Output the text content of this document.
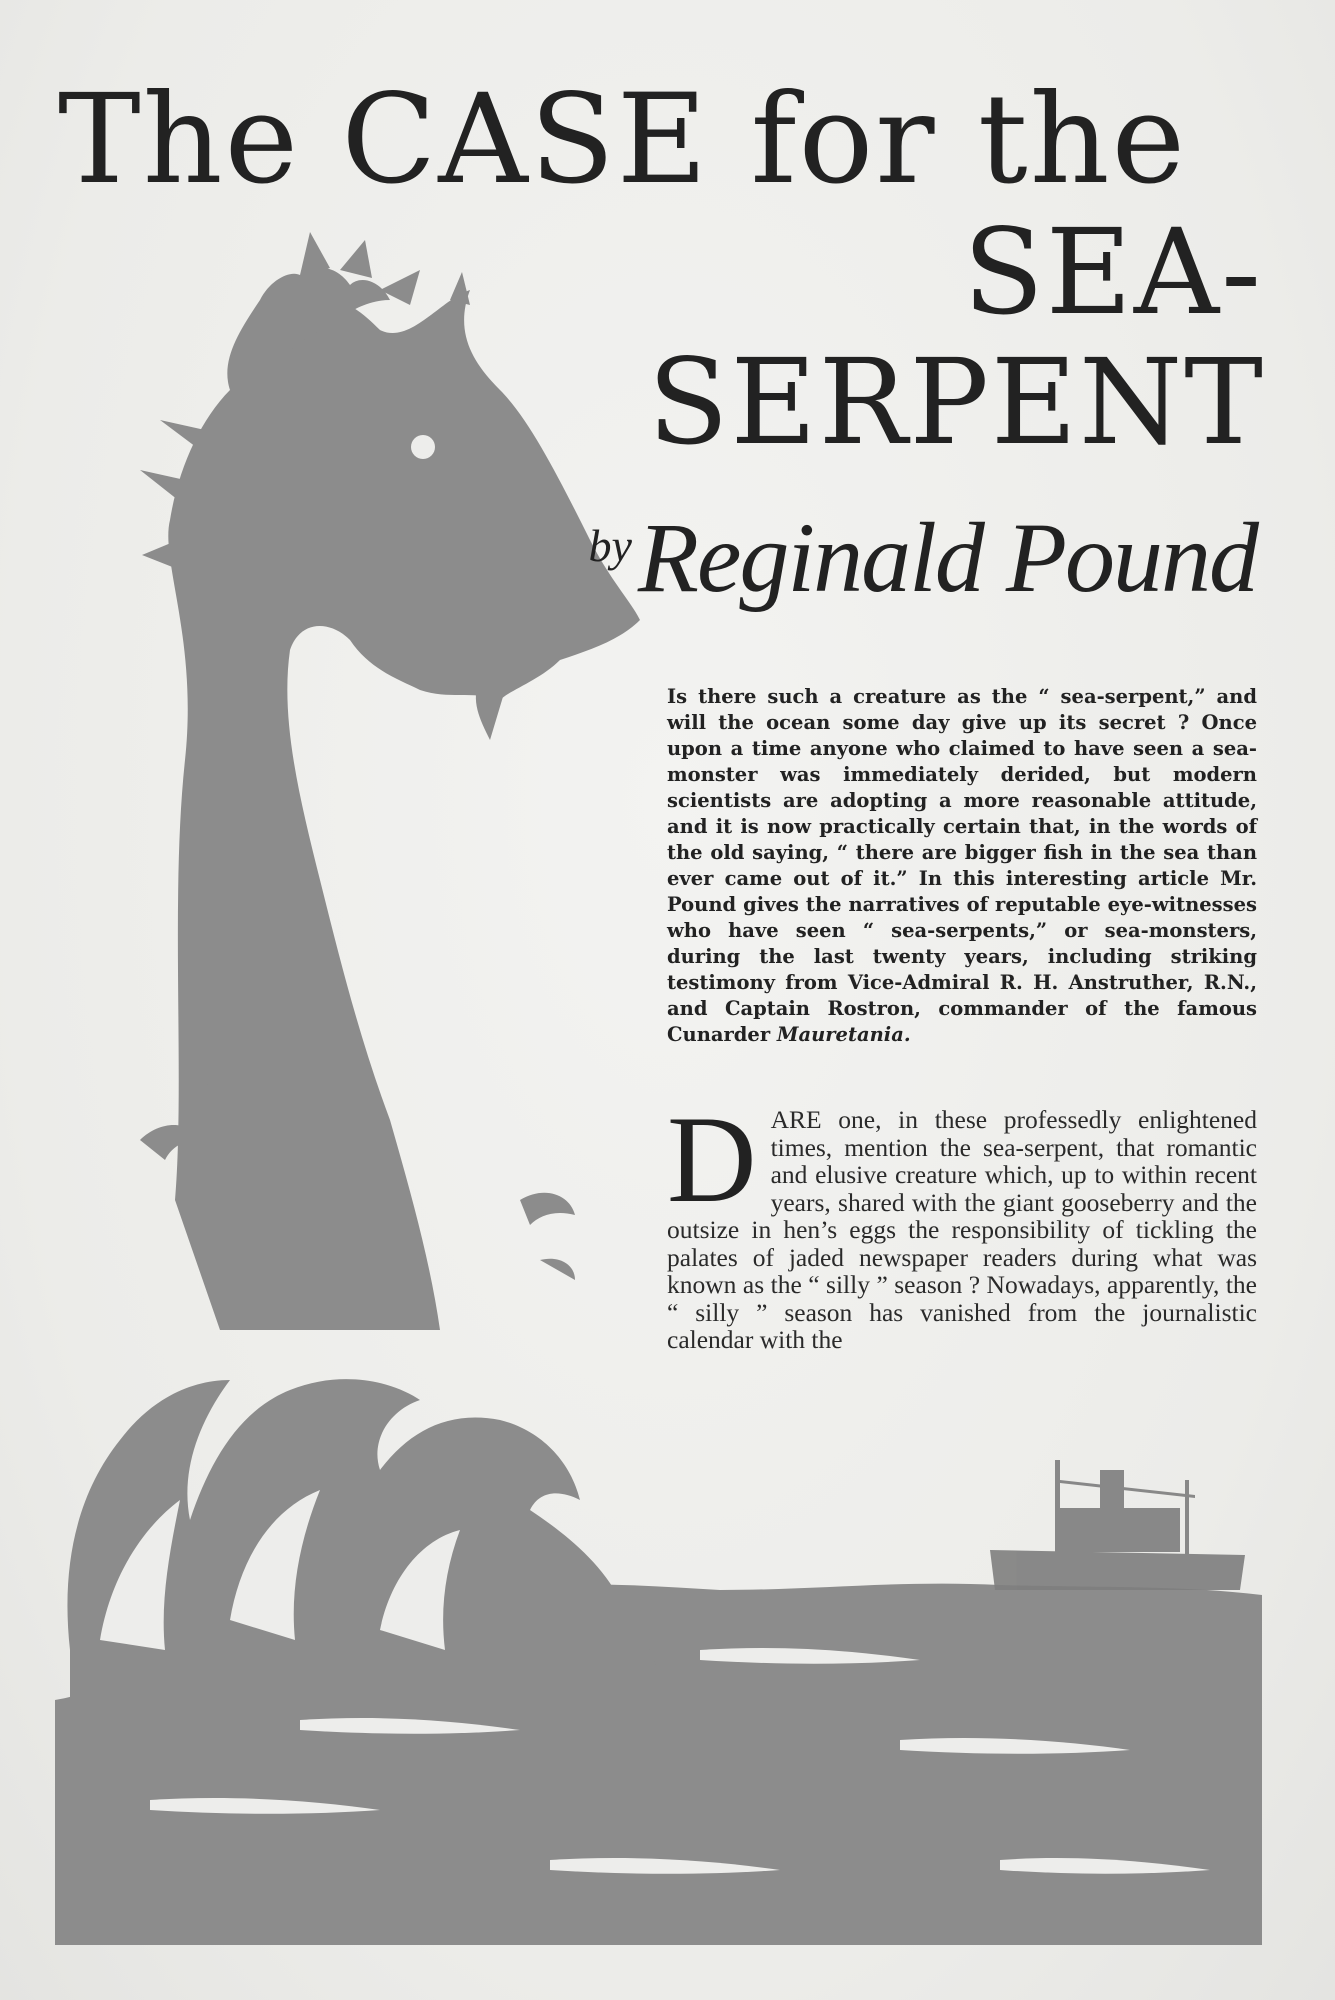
The CASE for the
SEA-
SERPENT
byReginald Pound

Is there such a creature as the “ sea-serpent,” and will the ocean some day give up its secret ? Once upon a time anyone who claimed to have seen a sea-monster was immediately derided, but modern scientists are adopting a more reasonable attitude, and it is now practically certain that, in the words of the old saying, “ there are bigger fish in the sea than ever came out of it.” In this interesting article Mr. Pound gives the narratives of reputable eye-witnesses who have seen “ sea-serpents,” or sea-monsters, during the last twenty years, including striking testimony from Vice-Admiral R. H. Anstruther, R.N., and Captain Rostron, commander of the famous Cunarder Mauretania.

DARE one, in these professedly enlightened times, mention the sea-serpent, that romantic and elusive creature which, up to within recent years, shared with the giant gooseberry and the outsize in hen’s eggs the responsibility of tickling the palates of jaded newspaper readers during what was known as the “ silly ” season ? Nowadays, apparently, the “ silly ” season has vanished from the journalistic calendar with the
